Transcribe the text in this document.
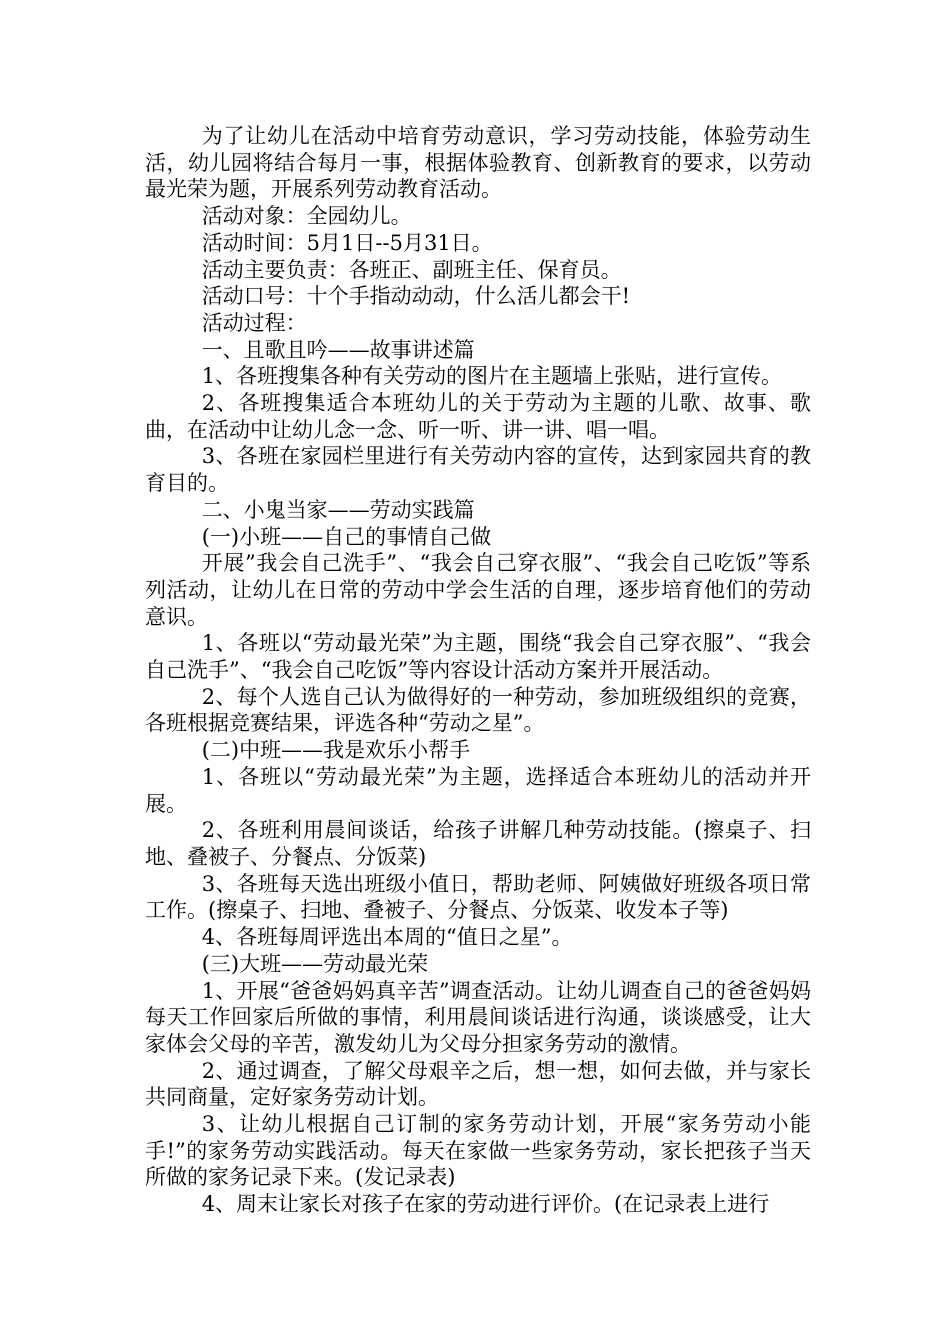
为了让幼儿在活动中培育劳动意识，学习劳动技能，体验劳动生活，幼儿园将结合每月一事，根据体验教育、创新教育的要求，以劳动最光荣为题，开展系列劳动教育活动。

活动对象：全园幼儿。

活动时间：5月1日--5月31日。

活动主要负责：各班正、副班主任、保育员。

活动口号：十个手指动动动，什么活儿都会干!

活动过程：

一、且歌且吟——故事讲述篇

1、各班搜集各种有关劳动的图片在主题墙上张贴，进行宣传。

2、各班搜集适合本班幼儿的关于劳动为主题的儿歌、故事、歌曲，在活动中让幼儿念一念、听一听、讲一讲、唱一唱。

3、各班在家园栏里进行有关劳动内容的宣传，达到家园共育的教育目的。

二、小鬼当家——劳动实践篇

(一)小班——自己的事情自己做

开展”我会自己洗手”、“我会自己穿衣服”、“我会自己吃饭”等系列活动，让幼儿在日常的劳动中学会生活的自理，逐步培育他们的劳动意识。

1、各班以“劳动最光荣”为主题，围绕“我会自己穿衣服”、“我会自己洗手”、“我会自己吃饭”等内容设计活动方案并开展活动。

2、每个人选自己认为做得好的一种劳动，参加班级组织的竞赛，各班根据竞赛结果，评选各种“劳动之星”。

(二)中班——我是欢乐小帮手

1、各班以“劳动最光荣”为主题，选择适合本班幼儿的活动并开展。

2、各班利用晨间谈话，给孩子讲解几种劳动技能。(擦桌子、扫地、叠被子、分餐点、分饭菜)

3、各班每天选出班级小值日，帮助老师、阿姨做好班级各项日常工作。(擦桌子、扫地、叠被子、分餐点、分饭菜、收发本子等)

4、各班每周评选出本周的“值日之星”。

(三)大班——劳动最光荣

1、开展“爸爸妈妈真辛苦”调查活动。让幼儿调查自己的爸爸妈妈每天工作回家后所做的事情，利用晨间谈话进行沟通，谈谈感受，让大家体会父母的辛苦，激发幼儿为父母分担家务劳动的激情。

2、通过调查，了解父母艰辛之后，想一想，如何去做，并与家长共同商量，定好家务劳动计划。

3、让幼儿根据自己订制的家务劳动计划，开展“家务劳动小能手!”的家务劳动实践活动。每天在家做一些家务劳动，家长把孩子当天所做的家务记录下来。(发记录表)

4、周末让家长对孩子在家的劳动进行评价。(在记录表上进行
